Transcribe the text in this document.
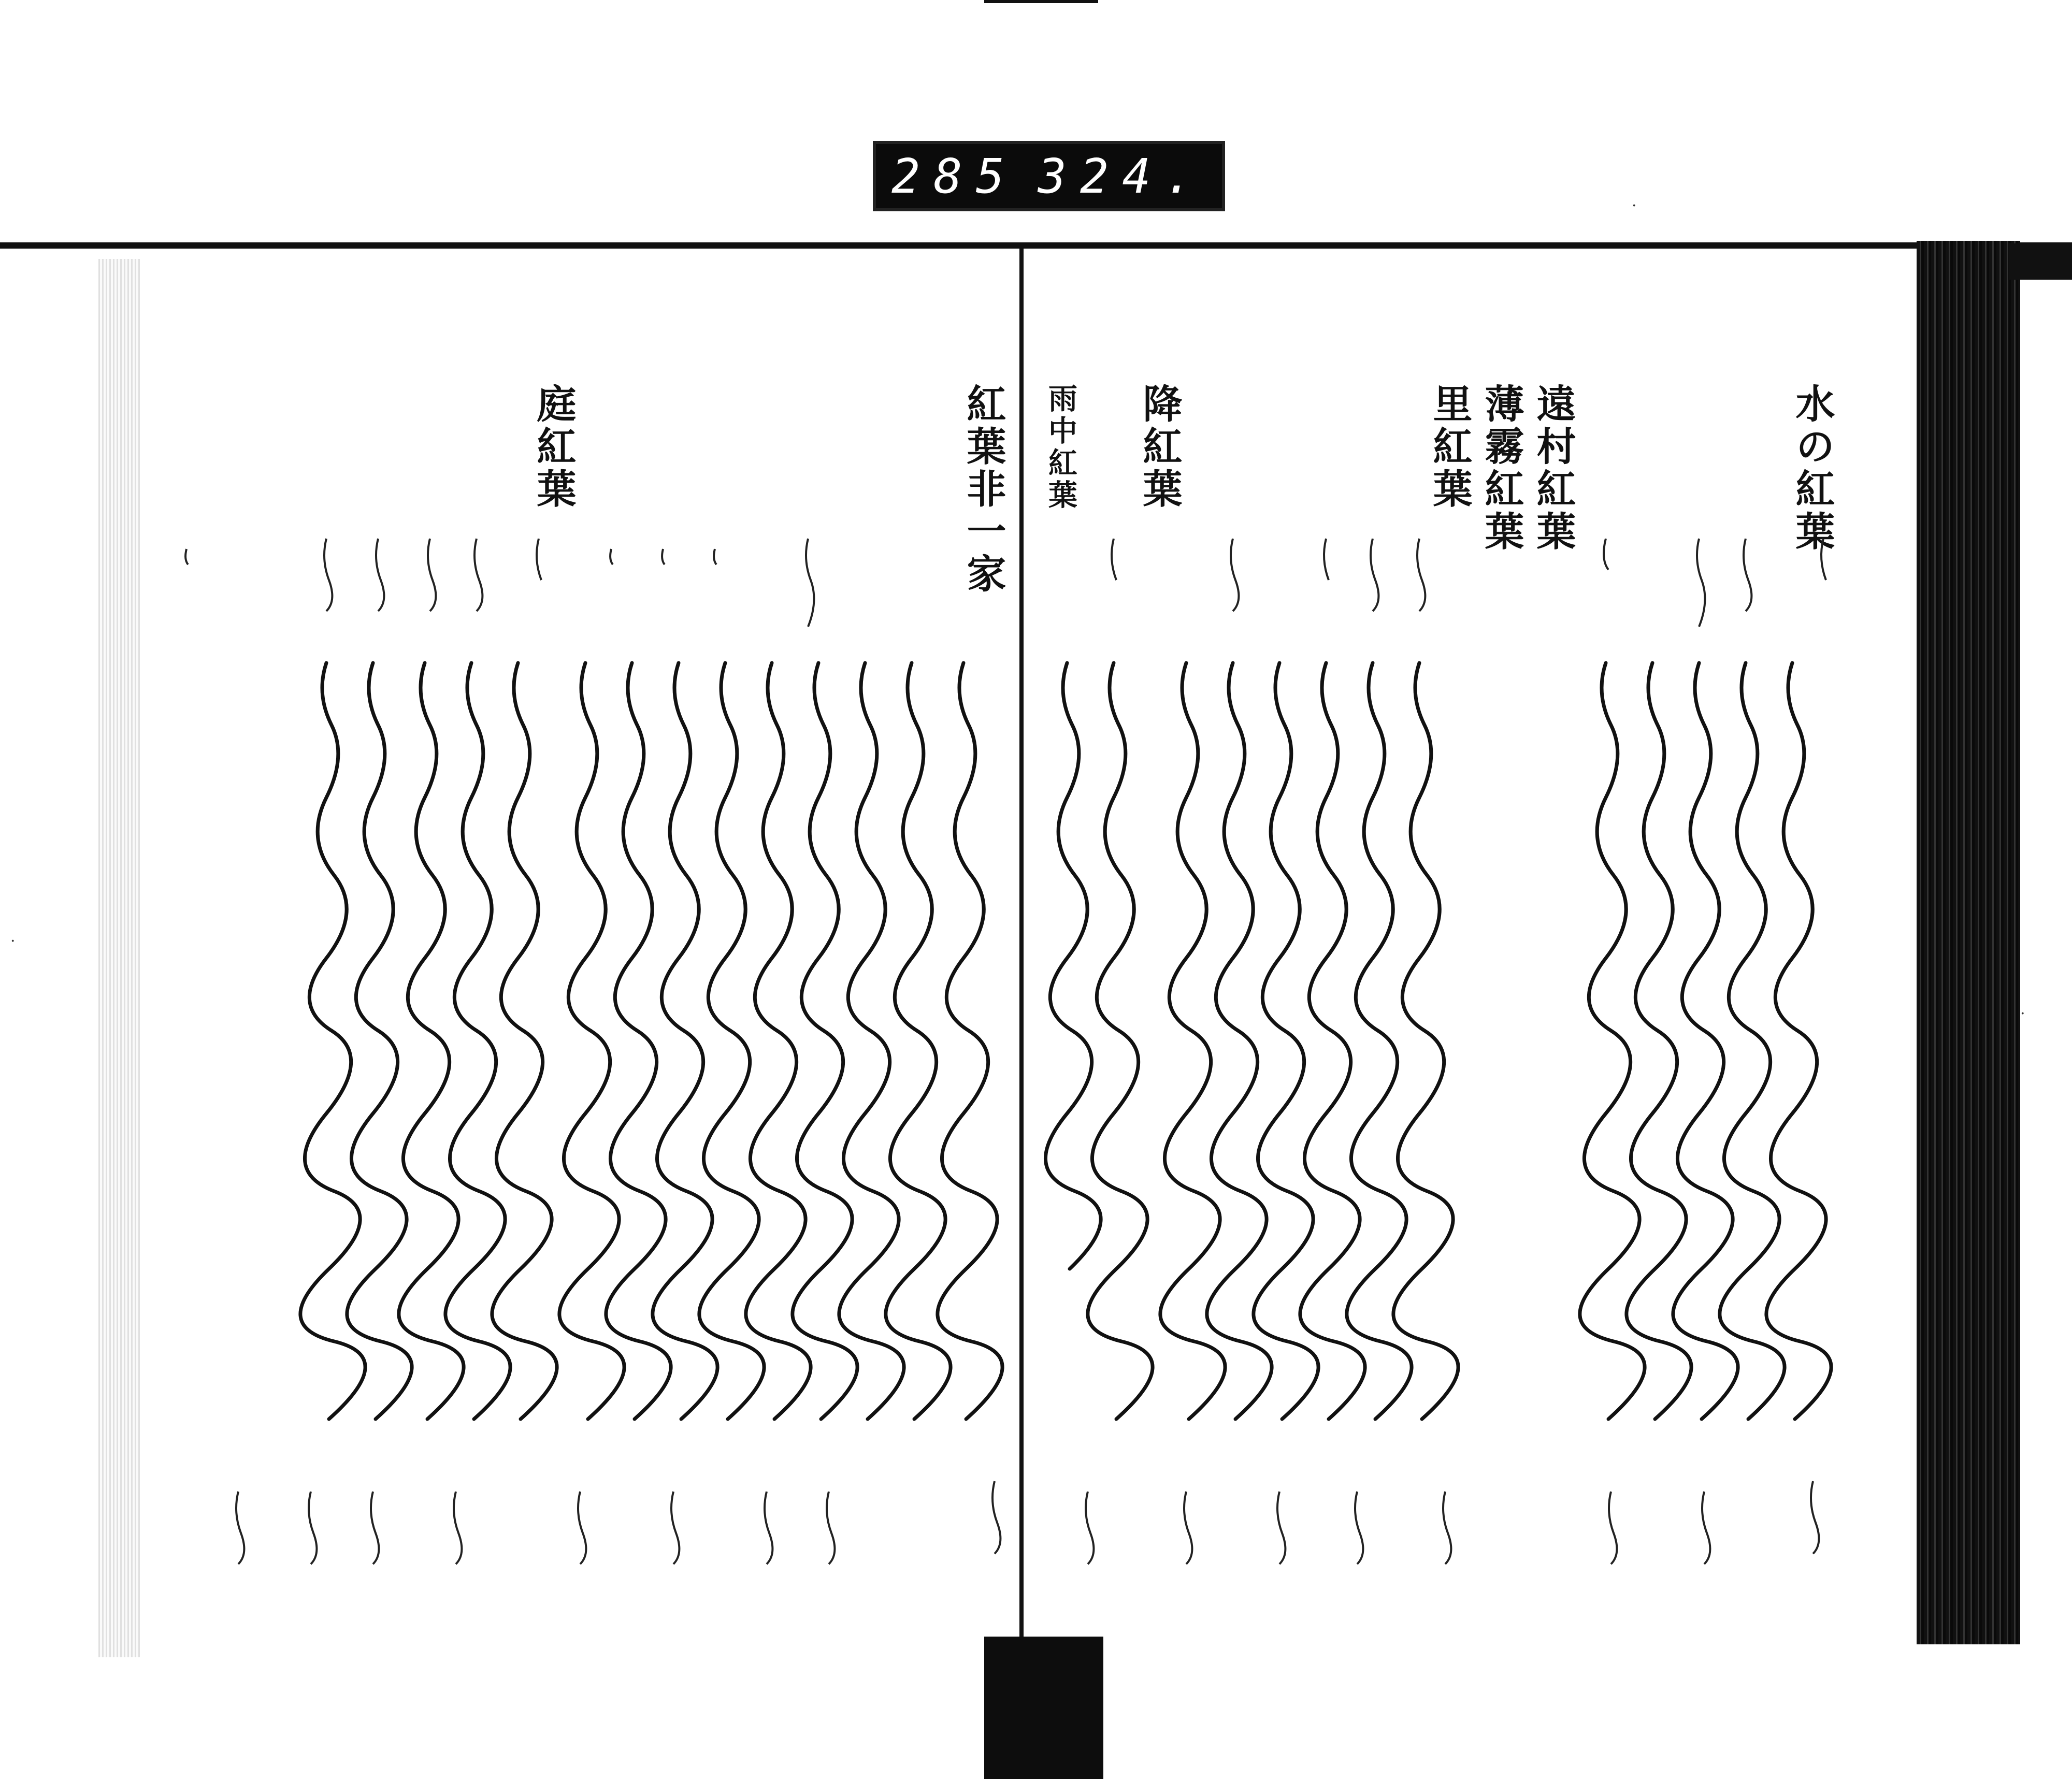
285 324.
水の紅葉
遠村紅葉
薄霧紅葉
里紅葉
降紅葉
雨中紅葉
紅葉非一家
庭紅葉
·
·
·
